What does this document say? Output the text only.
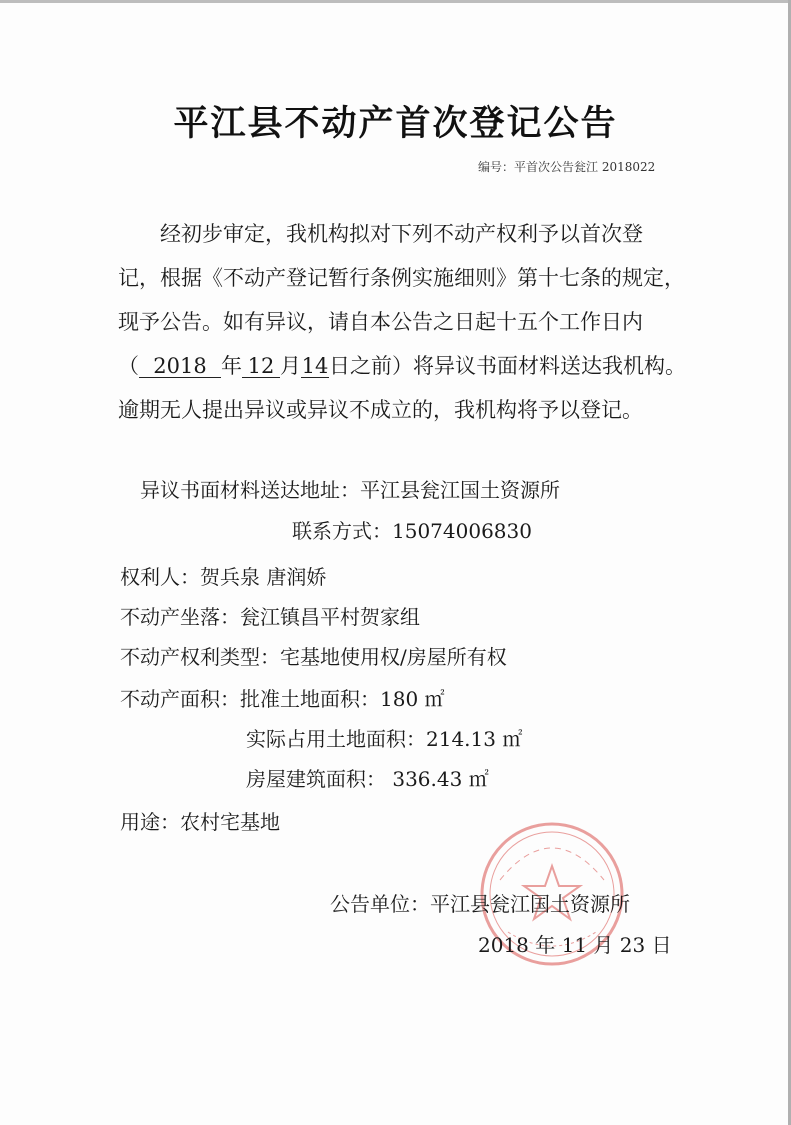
平江县不动产首次登记公告
编号：平首次公告瓮江 2018022

经初步审定，我机构拟对下列不动产权利予以首次登

记，根据《不动产登记暂行条例实施细则》第十七条的规定，

现予公告。如有异议，请自本公告之日起十五个工作日内

（ 2018 年 12 月14日之前）将异议书面材料送达我机构。

逾期无人提出异议或异议不成立的，我机构将予以登记。

异议书面材料送达地址：平江县瓮江国土资源所
联系方式：15074006830
权利人：贺兵泉 唐润娇
不动产坐落：瓮江镇昌平村贺家组
不动产权利类型：宅基地使用权/房屋所有权
不动产面积：批准土地面积：180 ㎡
实际占用土地面积：214.13 ㎡
房屋建筑面积： 336.43 ㎡
用途：农村宅基地
公告单位：平江县瓮江国土资源所
2018 年 11 月 23 日
